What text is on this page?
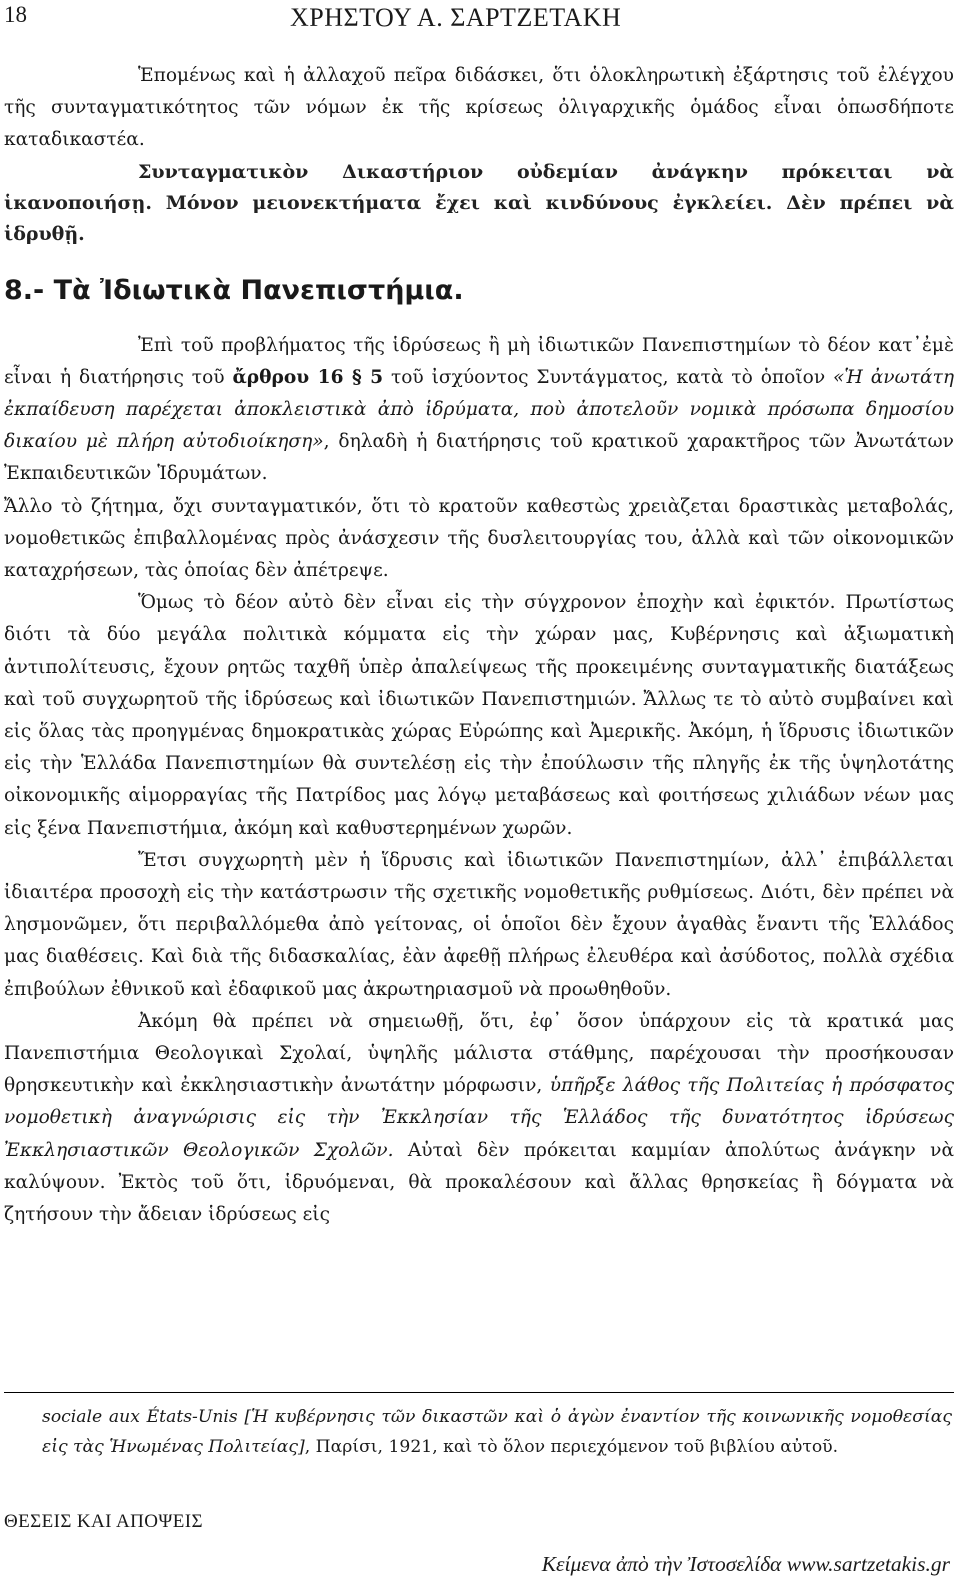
18	ΧΡΗΣΤΟΥ Α. ΣΑΡΤΖΕΤΑΚΗ

Ἑπομένως καὶ ἡ ἀλλαχοῦ πεῖρα διδάσκει, ὅτι ὁλοκληρωτικὴ ἐξάρτησις τοῦ ἐλέγχου τῆς συνταγματικότητος τῶν νόμων ἐκ τῆς κρίσεως ὀλιγαρχικῆς ὁμάδος εἶναι ὁπωσδήποτε καταδικαστέα.

Συνταγματικὸν Δικαστήριον οὐδεμίαν ἀνάγκην πρόκειται νὰ ἱκανοποιήσῃ. Μόνον μειονεκτήματα ἔχει καὶ κινδύνους ἐγκλείει. Δὲν πρέπει νὰ ἱδρυθῇ.

8.- Τὰ Ἰδιωτικὰ Πανεπιστήμια.

Ἐπὶ τοῦ προβλήματος τῆς ἱδρύσεως ἢ μὴ ἰδιωτικῶν Πανεπιστημίων τὸ δέον κατ᾽ἐμὲ εἶναι ἡ διατήρησις τοῦ ἄρθρου 16 § 5 τοῦ ἰσχύοντος Συντάγματος, κατὰ τὸ ὁποῖον «Ἡ ἀνωτάτη ἐκπαίδευση παρέχεται ἀποκλειστικὰ ἀπὸ ἱδρύματα, ποὺ ἀποτελοῦν νομικὰ πρόσωπα δημοσίου δικαίου μὲ πλήρη αὐτοδιοίκηση», δηλαδὴ ἡ διατήρησις τοῦ κρατικοῦ χαρακτῆρος τῶν Ἀνωτάτων Ἐκπαιδευτικῶν Ἱδρυμάτων.

Ἄλλο τὸ ζήτημα, ὄχι συνταγματικόν, ὅτι τὸ κρατοῦν καθεστὼς χρειὰζεται δραστικὰς μεταβολάς, νομοθετικῶς ἐπιβαλλομένας πρὸς ἀνάσχεσιν τῆς δυσλειτουργίας του, ἀλλὰ καὶ τῶν οἰκονομικῶν καταχρήσεων, τὰς ὁποίας δὲν ἀπέτρεψε.

Ὅμως τὸ δέον αὐτὸ δὲν εἶναι εἰς τὴν σύγχρονον ἐποχὴν καὶ ἐφικτόν. Πρωτίστως διότι τὰ δύο μεγάλα πολιτικὰ κόμματα εἰς τὴν χώραν μας, Κυβέρνησις καὶ ἀξιωματικὴ ἀντιπολίτευσις, ἔχουν ρητῶς ταχθῆ ὑπὲρ ἀπαλείψεως τῆς προκειμένης συνταγματικῆς διατάξεως καὶ τοῦ συγχωρητοῦ τῆς ἱδρύσεως καὶ ἰδιωτικῶν Πανεπιστημιών. Ἄλλως τε τὸ αὐτὸ συμβαίνει καὶ εἰς ὅλας τὰς προηγμένας δημοκρατικὰς χώρας Εὐρώπης καὶ Ἀμερικῆς. Ἀκόμη, ἡ ἵδρυσις ἰδιωτικῶν εἰς τὴν Ἑλλάδα Πανεπιστημίων θὰ συντελέσῃ εἰς τὴν ἐπούλωσιν τῆς πληγῆς ἐκ τῆς ὑψηλοτάτης οἰκονομικῆς αἱμορραγίας τῆς Πατρίδος μας λόγῳ μεταβάσεως καὶ φοιτήσεως χιλιάδων νέων μας εἰς ξένα Πανεπιστήμια, ἀκόμη καὶ καθυστερημένων χωρῶν.

Ἔτσι συγχωρητὴ μὲν ἡ ἵδρυσις καὶ ἰδιωτικῶν Πανεπιστημίων, ἀλλ᾽ ἐπιβάλλεται ἰδιαιτέρα προσοχὴ εἰς τὴν κατάστρωσιν τῆς σχετικῆς νομοθετικῆς ρυθμίσεως. Διότι, δὲν πρέπει νὰ λησμονῶμεν, ὅτι περιβαλλόμεθα ἀπὸ γείτονας, οἱ ὁποῖοι δὲν ἔχουν ἀγαθὰς ἔναντι τῆς Ἑλλάδος μας διαθέσεις. Καὶ διὰ τῆς διδασκαλίας, ἐὰν ἀφεθῇ πλήρως ἐλευθέρα καὶ ἀσύδοτος, πολλὰ σχέδια ἐπιβούλων ἐθνικοῦ καὶ ἐδαφικοῦ μας ἀκρωτηριασμοῦ νὰ προωθηθοῦν.

Ἀκόμη θὰ πρέπει νὰ σημειωθῇ, ὅτι, ἐφ᾽ ὅσον ὑπάρχουν εἰς τὰ κρατικά μας Πανεπιστήμια Θεολογικαὶ Σχολαί, ὑψηλῆς μάλιστα στάθμης, παρέχουσαι τὴν προσήκουσαν θρησκευτικὴν καὶ ἐκκλησιαστικὴν ἀνωτάτην μόρφωσιν, ὑπῆρξε λάθος τῆς Πολιτείας ἡ πρόσφατος νομοθετικὴ ἀναγνώρισις εἰς τὴν Ἐκκλησίαν τῆς Ἑλλάδος τῆς δυνατότητος ἱδρύσεως Ἐκκλησιαστικῶν Θεολογικῶν Σχολῶν. Αὐταὶ δὲν πρόκειται καμμίαν ἀπολύτως ἀνάγκην νὰ καλύψουν. Ἐκτὸς τοῦ ὅτι, ἱδρυόμεναι, θὰ προκαλέσουν καὶ ἄλλας θρησκείας ἢ δόγματα νὰ ζητήσουν τὴν ἄδειαν ἱδρύσεως εἰς

sociale aux États-Unis [Ἡ κυβέρνησις τῶν δικαστῶν καὶ ὁ ἀγὼν ἐναντίον τῆς κοινωνικῆς νομοθεσίας εἰς τὰς Ἡνωμένας Πολιτείας], Παρίσι, 1921, καὶ τὸ ὅλον περιεχόμενον τοῦ βιβλίου αὐτοῦ.
ΘΕΣΕΙΣ ΚΑΙ ΑΠΟΨΕΙΣ
Κείμενα ἀπὸ τὴν Ἰστοσελίδα www.sartzetakis.gr
